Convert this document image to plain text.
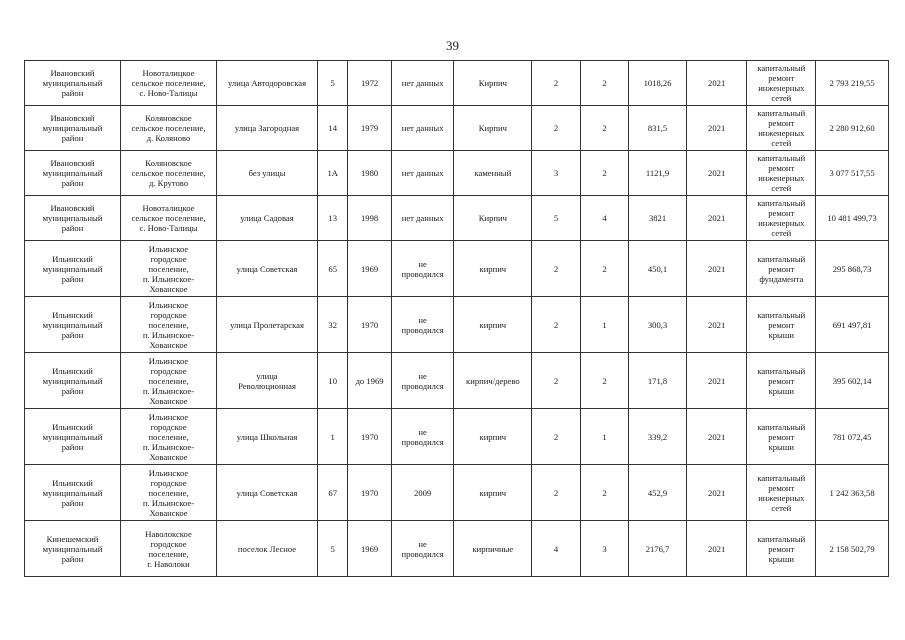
39
Ивановский
муниципальный
район	Новоталицкое
сельское поселение,
с. Ново-Талицы	улица Автодоровская	5	1972	нет данных	Кирпич	2	2	1018,26	2021	капитальный
ремонт
инженерных
сетей	2 793 219,55
Ивановский
муниципальный
район	Коляновское
сельское поселение,
д. Коляново	улица Загородная	14	1979	нет данных	Кирпич	2	2	831,5	2021	капитальный
ремонт
инженерных
сетей	2 280 912,60
Ивановский
муниципальный
район	Коляновское
сельское поселение,
д. Крутово	без улицы	1А	1980	нет данных	каменный	3	2	1121,9	2021	капитальный
ремонт
инженерных
сетей	3 077 517,55
Ивановский
муниципальный
район	Новоталицкое
сельское поселение,
с. Ново-Талицы	улица Садовая	13	1998	нет данных	Кирпич	5	4	3821	2021	капитальный
ремонт
инженерных
сетей	10 481 499,73
Ильинский
муниципальный
район	Ильинское
городское
поселение,
п. Ильинское-
Хованское	улица Советская	65	1969	не
проводился	кирпич	2	2	450,1	2021	капитальный
ремонт
фундамента	295 868,73
Ильинский
муниципальный
район	Ильинское
городское
поселение,
п. Ильинское-
Хованское	улица Пролетарская	32	1970	не
проводился	кирпич	2	1	300,3	2021	капитальный
ремонт
крыши	691 497,81
Ильинский
муниципальный
район	Ильинское
городское
поселение,
п. Ильинское-
Хованское	улица
Революционная	10	до 1969	не
проводился	кирпич/дерево	2	2	171,8	2021	капитальный
ремонт
крыши	395 602,14
Ильинский
муниципальный
район	Ильинское
городское
поселение,
п. Ильинское-
Хованское	улица Школьная	1	1970	не
проводился	кирпич	2	1	339,2	2021	капитальный
ремонт
крыши	781 072,45
Ильинский
муниципальный
район	Ильинское
городское
поселение,
п. Ильинское-
Хованское	улица Советская	67	1970	2009	кирпич	2	2	452,9	2021	капитальный
ремонт
инженерных
сетей	1 242 363,58
Кинешемский
муниципальный
район	Наволокское
городское
поселение,
г. Наволоки	поселок Лесное	5	1969	не
проводился	кирпичные	4	3	2176,7	2021	капитальный
ремонт
крыши	2 158 502,79
